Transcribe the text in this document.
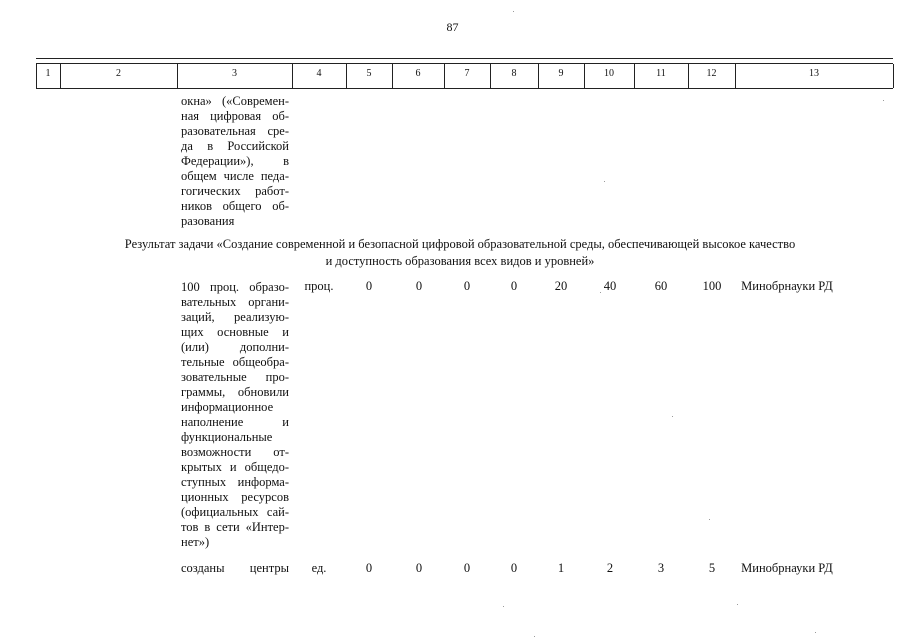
87
1	2	3	4	5	6	7	8	9	10	11	12	13
окна» («Современ-
ная цифровая об-
разовательная сре-
да в Российской
Федерации»), в
общем числе педа-
гогических работ-
ников общего об-
разования
Результат задачи «Создание современной и безопасной цифровой образовательной среды, обеспечивающей высокое качество
и доступность образования всех видов и уровней»
100 проц. образо-
вательных органи-
заций, реализую-
щих основные и
(или) дополни-
тельные общеобра-
зовательные про-
граммы, обновили
информационное
наполнение и
функциональные
возможности от-
крытых и общедо-
ступных информа-
ционных ресурсов
(официальных сай-
тов в сети «Интер-
нет»)
проц.	0	0	0	0	20	40	60	100	Минобрнауки РД
созданы центры	ед.	0	0	0	0	1	2	3	5	Минобрнауки РД
